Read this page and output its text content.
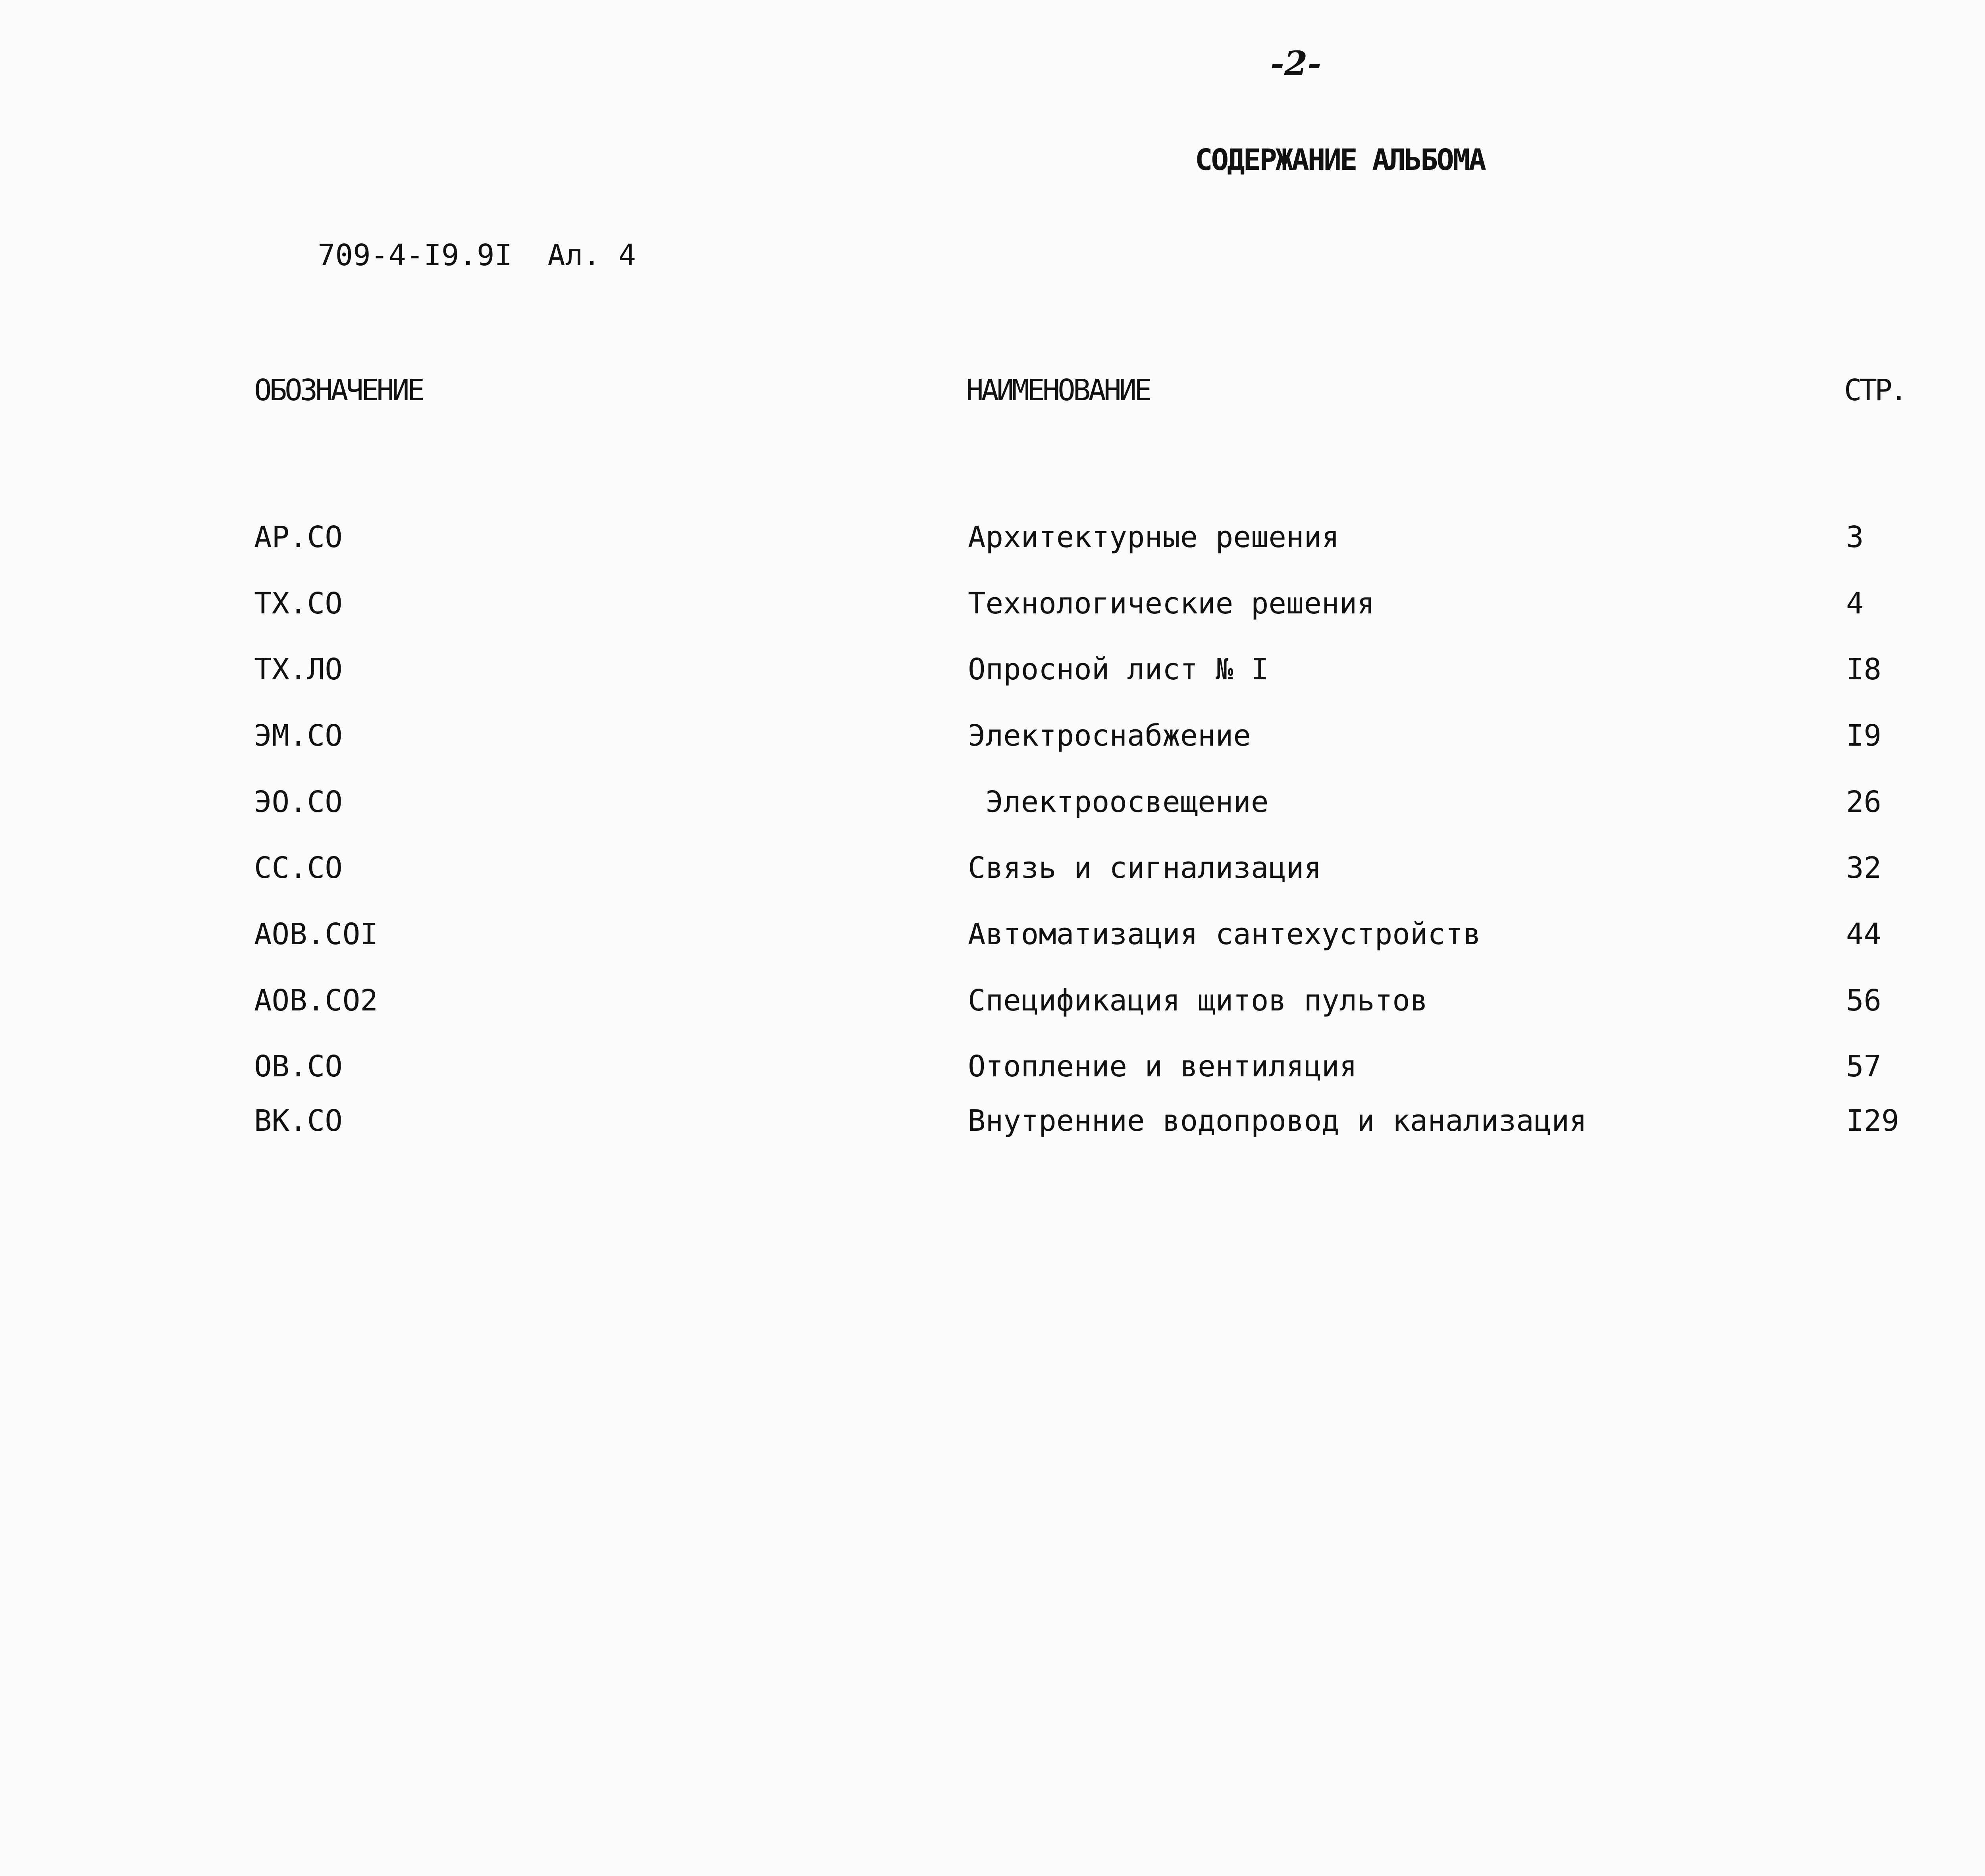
-2-
СОДЕРЖАНИЕ АЛЬБОМА
709-4-I9.9I  Ал. 4
ОБОЗНАЧЕНИЕ	НАИМЕНОВАНИЕ	СТР.
АР.СО	Архитектурные решения	3
ТХ.СО	Технологические решения	4
ТХ.ЛО	Опросной лист № I	I8
ЭМ.СО	Электроснабжение	I9
ЭО.СО	Электроосвещение	26
СС.СО	Связь и сигнализация	32
АОВ.СОI	Автоматизация сантехустройств	44
АОВ.СО2	Спецификация щитов пультов	56
ОВ.СО	Отопление и вентиляция	57
ВК.СО	Внутренние водопровод и канализация	I29
